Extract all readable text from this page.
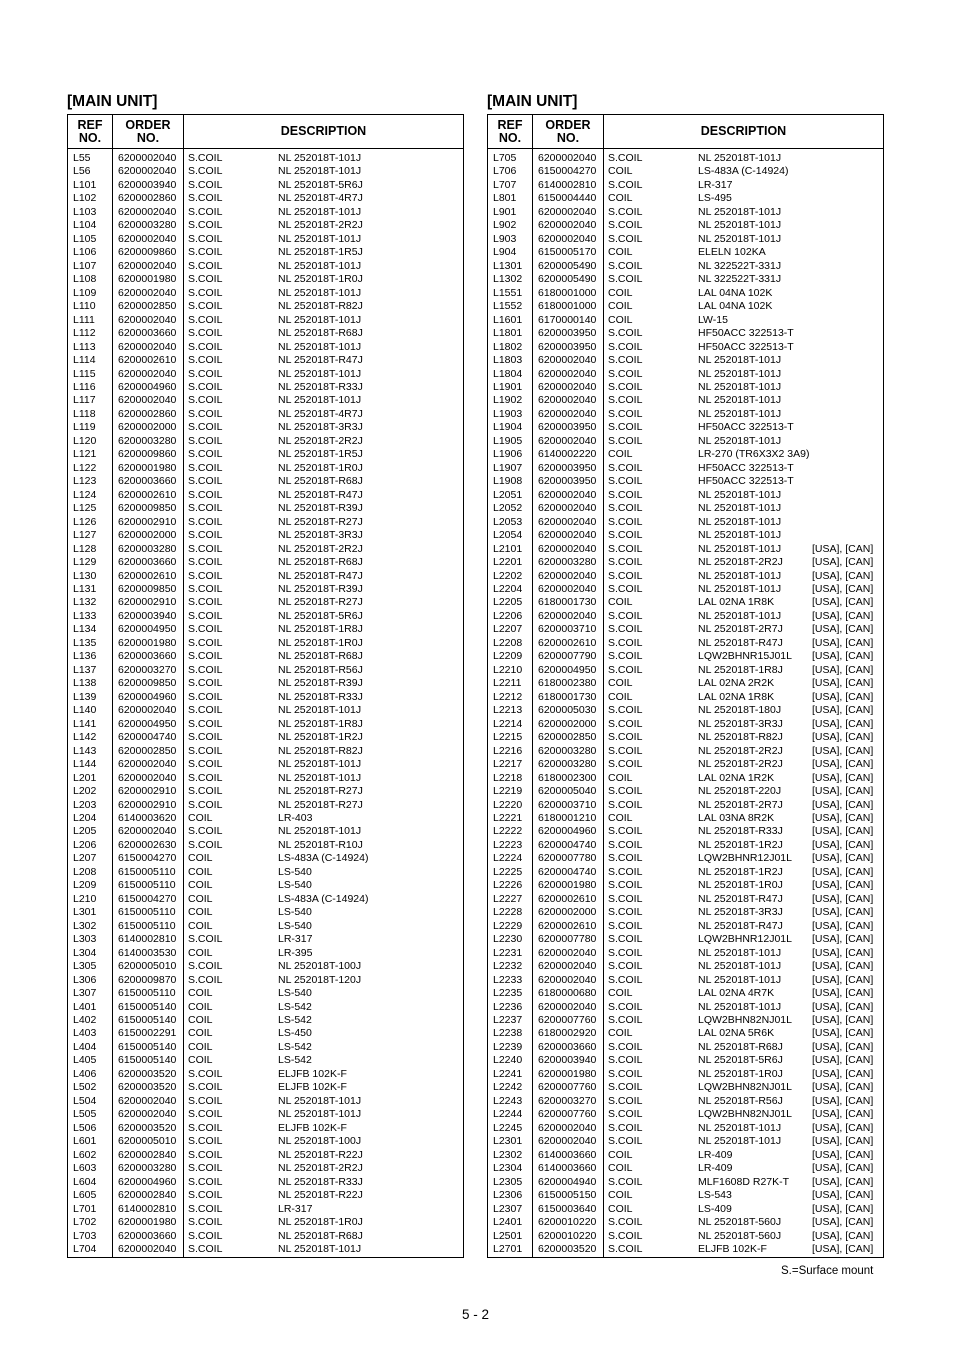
[MAIN UNIT]
REF
NO.
ORDER
NO.	DESCRIPTION
L55	6200002040 S.COIL	NL 252018T-101J
L56	6200002040 S.COIL	NL 252018T-101J
L101 6200003940 S.COIL	NL 252018T-5R6J
L102 6200002860 S.COIL	NL 252018T-4R7J
L103 6200002040 S.COIL	NL 252018T-101J
L104 6200003280 S.COIL	NL 252018T-2R2J
L105 6200002040 S.COIL	NL 252018T-101J
L106 6200009860 S.COIL	NL 252018T-1R5J
L107 6200002040 S.COIL	NL 252018T-101J
L108 6200001980 S.COIL	NL 252018T-1R0J
L109 6200002040 S.COIL	NL 252018T-101J
L110 6200002850 S.COIL	NL 252018T-R82J
L111 6200002040 S.COIL	NL 252018T-101J
L112 6200003660 S.COIL	NL 252018T-R68J
L113 6200002040 S.COIL	NL 252018T-101J
L114 6200002610 S.COIL	NL 252018T-R47J
L115 6200002040 S.COIL	NL 252018T-101J
L116 6200004960 S.COIL	NL 252018T-R33J
L117 6200002040 S.COIL	NL 252018T-101J
L118 6200002860 S.COIL	NL 252018T-4R7J
L119 6200002000 S.COIL	NL 252018T-3R3J
L120 6200003280 S.COIL	NL 252018T-2R2J
L121 6200009860 S.COIL	NL 252018T-1R5J
L122 6200001980 S.COIL	NL 252018T-1R0J
L123 6200003660 S.COIL	NL 252018T-R68J
L124 6200002610 S.COIL	NL 252018T-R47J
L125 6200009850 S.COIL	NL 252018T-R39J
L126 6200002910 S.COIL	NL 252018T-R27J
L127 6200002000 S.COIL	NL 252018T-3R3J
L128 6200003280 S.COIL	NL 252018T-2R2J
L129 6200003660 S.COIL	NL 252018T-R68J
L130 6200002610 S.COIL	NL 252018T-R47J
L131 6200009850 S.COIL	NL 252018T-R39J
L132 6200002910 S.COIL	NL 252018T-R27J
L133 6200003940 S.COIL	NL 252018T-5R6J
L134 6200004950 S.COIL	NL 252018T-1R8J
L135 6200001980 S.COIL	NL 252018T-1R0J
L136 6200003660 S.COIL	NL 252018T-R68J
L137 6200003270 S.COIL	NL 252018T-R56J
L138 6200009850 S.COIL	NL 252018T-R39J
L139 6200004960 S.COIL	NL 252018T-R33J
L140 6200002040 S.COIL	NL 252018T-101J
L141 6200004950 S.COIL	NL 252018T-1R8J
L142 6200004740 S.COIL	NL 252018T-1R2J
L143 6200002850 S.COIL	NL 252018T-R82J
L144 6200002040 S.COIL	NL 252018T-101J
L201 6200002040 S.COIL	NL 252018T-101J
L202 6200002910 S.COIL	NL 252018T-R27J
L203 6200002910 S.COIL	NL 252018T-R27J
L204 6140003620 COIL	LR-403
L205 6200002040 S.COIL	NL 252018T-101J
L206 6200002630 S.COIL	NL 252018T-R10J
L207 6150004270 COIL	LS-483A (C-14924)
L208 6150005110 COIL	LS-540
L209 6150005110 COIL	LS-540
L210 6150004270 COIL	LS-483A (C-14924)
L301 6150005110 COIL	LS-540
L302 6150005110 COIL	LS-540
L303 6140002810 S.COIL	LR-317
L304 6140003530 COIL	LR-395
L305 6200005010 S.COIL	NL 252018T-100J
L306 6200009870 S.COIL	NL 252018T-120J
L307 6150005110 COIL	LS-540
L401 6150005140 COIL	LS-542
L402 6150005140 COIL	LS-542
L403 6150002291 COIL	LS-450
L404 6150005140 COIL	LS-542
L405 6150005140 COIL	LS-542
L406 6200003520 S.COIL	ELJFB 102K-F
L502 6200003520 S.COIL	ELJFB 102K-F
L504 6200002040 S.COIL	NL 252018T-101J
L505 6200002040 S.COIL	NL 252018T-101J
L506 6200003520 S.COIL	ELJFB 102K-F
L601 6200005010 S.COIL	NL 252018T-100J
L602 6200002840 S.COIL	NL 252018T-R22J
L603 6200003280 S.COIL	NL 252018T-2R2J
L604 6200004960 S.COIL	NL 252018T-R33J
L605 6200002840 S.COIL	NL 252018T-R22J
L701 6140002810 S.COIL	LR-317
L702 6200001980 S.COIL	NL 252018T-1R0J
L703 6200003660 S.COIL	NL 252018T-R68J
L704 6200002040 S.COIL	NL 252018T-101J
[MAIN UNIT]
REF
NO.
ORDER
NO.	DESCRIPTION
L705 6200002040 S.COIL	NL 252018T-101J
L706 6150004270 COIL	LS-483A (C-14924)
L707 6140002810 S.COIL	LR-317
L801 6150004440 COIL	LS-495
L901 6200002040 S.COIL	NL 252018T-101J
L902 6200002040 S.COIL	NL 252018T-101J
L903 6200002040 S.COIL	NL 252018T-101J
L904 6150005170 COIL	ELELN 102KA
L1301 6200005490 S.COIL	NL 322522T-331J
L1302 6200005490 S.COIL	NL 322522T-331J
L1551 6180001000 COIL	LAL 04NA 102K
L1552 6180001000 COIL	LAL 04NA 102K
L1601 6170000140 COIL	LW-15
L1801 6200003950 S.COIL	HF50ACC 322513-T
L1802 6200003950 S.COIL	HF50ACC 322513-T
L1803 6200002040 S.COIL	NL 252018T-101J
L1804 6200002040 S.COIL	NL 252018T-101J
L1901 6200002040 S.COIL	NL 252018T-101J
L1902 6200002040 S.COIL	NL 252018T-101J
L1903 6200002040 S.COIL	NL 252018T-101J
L1904 6200003950 S.COIL	HF50ACC 322513-T
L1905 6200002040 S.COIL	NL 252018T-101J
L1906 6140002220 COIL	LR-270 (TR6X3X2 3A9)
L1907 6200003950 S.COIL	HF50ACC 322513-T
L1908 6200003950 S.COIL	HF50ACC 322513-T
L2051 6200002040 S.COIL	NL 252018T-101J
L2052 6200002040 S.COIL	NL 252018T-101J
L2053 6200002040 S.COIL	NL 252018T-101J
L2054 6200002040 S.COIL	NL 252018T-101J
L2101 6200002040 S.COIL	NL 252018T-101J	[USA], [CAN]
L2201 6200003280 S.COIL	NL 252018T-2R2J	[USA], [CAN]
L2202 6200002040 S.COIL	NL 252018T-101J	[USA], [CAN]
L2204 6200002040 S.COIL	NL 252018T-101J	[USA], [CAN]
L2205 6180001730 COIL	LAL 02NA 1R8K	[USA], [CAN]
L2206 6200002040 S.COIL	NL 252018T-101J	[USA], [CAN]
L2207 6200003710 S.COIL	NL 252018T-2R7J	[USA], [CAN]
L2208 6200002610 S.COIL	NL 252018T-R47J	[USA], [CAN]
L2209 6200007790 S.COIL	LQW2BHNR15J01L [USA], [CAN]
L2210 6200004950 S.COIL	NL 252018T-1R8J	[USA], [CAN]
L2211 6180002380 COIL	LAL 02NA 2R2K	[USA], [CAN]
L2212 6180001730 COIL	LAL 02NA 1R8K	[USA], [CAN]
L2213 6200005030 S.COIL	NL 252018T-180J	[USA], [CAN]
L2214 6200002000 S.COIL	NL 252018T-3R3J	[USA], [CAN]
L2215 6200002850 S.COIL	NL 252018T-R82J	[USA], [CAN]
L2216 6200003280 S.COIL	NL 252018T-2R2J	[USA], [CAN]
L2217 6200003280 S.COIL	NL 252018T-2R2J	[USA], [CAN]
L2218 6180002300 COIL	LAL 02NA 1R2K	[USA], [CAN]
L2219 6200005040 S.COIL	NL 252018T-220J	[USA], [CAN]
L2220 6200003710 S.COIL	NL 252018T-2R7J	[USA], [CAN]
L2221 6180001210 COIL	LAL 03NA 8R2K	[USA], [CAN]
L2222 6200004960 S.COIL	NL 252018T-R33J	[USA], [CAN]
L2223 6200004740 S.COIL	NL 252018T-1R2J	[USA], [CAN]
L2224 6200007780 S.COIL	LQW2BHNR12J01L [USA], [CAN]
L2225 6200004740 S.COIL	NL 252018T-1R2J	[USA], [CAN]
L2226 6200001980 S.COIL	NL 252018T-1R0J	[USA], [CAN]
L2227 6200002610 S.COIL	NL 252018T-R47J	[USA], [CAN]
L2228 6200002000 S.COIL	NL 252018T-3R3J	[USA], [CAN]
L2229 6200002610 S.COIL	NL 252018T-R47J	[USA], [CAN]
L2230 6200007780 S.COIL	LQW2BHNR12J01L [USA], [CAN]
L2231 6200002040 S.COIL	NL 252018T-101J	[USA], [CAN]
L2232 6200002040 S.COIL	NL 252018T-101J	[USA], [CAN]
L2233 6200002040 S.COIL	NL 252018T-101J	[USA], [CAN]
L2235 6180000680 COIL	LAL 02NA 4R7K	[USA], [CAN]
L2236 6200002040 S.COIL	NL 252018T-101J	[USA], [CAN]
L2237 6200007760 S.COIL	LQW2BHN82NJ01L [USA], [CAN]
L2238 6180002920 COIL	LAL 02NA 5R6K	[USA], [CAN]
L2239 6200003660 S.COIL	NL 252018T-R68J	[USA], [CAN]
L2240 6200003940 S.COIL	NL 252018T-5R6J	[USA], [CAN]
L2241 6200001980 S.COIL	NL 252018T-1R0J	[USA], [CAN]
L2242 6200007760 S.COIL	LQW2BHN82NJ01L [USA], [CAN]
L2243 6200003270 S.COIL	NL 252018T-R56J	[USA], [CAN]
L2244 6200007760 S.COIL	LQW2BHN82NJ01L [USA], [CAN]
L2245 6200002040 S.COIL	NL 252018T-101J	[USA], [CAN]
L2301 6200002040 S.COIL	NL 252018T-101J	[USA], [CAN]
L2302 6140003660 COIL	LR-409	[USA], [CAN]
L2304 6140003660 COIL	LR-409	[USA], [CAN]
L2305 6200004940 S.COIL	MLF1608D R27K-T [USA], [CAN]
L2306 6150005150 COIL	LS-543	[USA], [CAN]
L2307 6150003640 COIL	LS-409	[USA], [CAN]
L2401 6200010220 S.COIL	NL 252018T-560J	[USA], [CAN]
L2501 6200010220 S.COIL	NL 252018T-560J	[USA], [CAN]
L2701 6200003520 S.COIL	ELJFB 102K-F	[USA], [CAN]
S.=Surface mount
5 - 2
